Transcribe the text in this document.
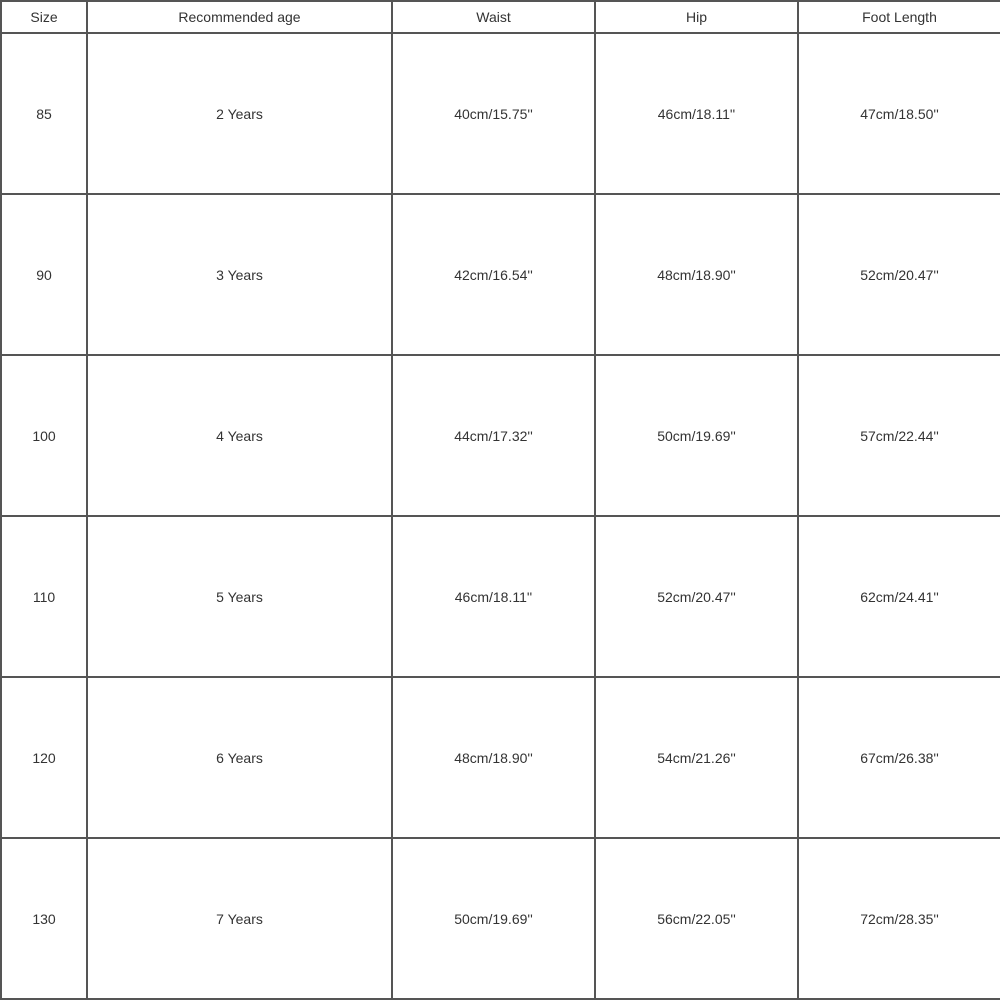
Size	Recommended age	Waist	Hip	Foot Length
85	2 Years	40cm/15.75''	46cm/18.11''	47cm/18.50''
90	3 Years	42cm/16.54''	48cm/18.90''	52cm/20.47''
100	4 Years	44cm/17.32''	50cm/19.69''	57cm/22.44''
110	5 Years	46cm/18.11''	52cm/20.47''	62cm/24.41''
120	6 Years	48cm/18.90''	54cm/21.26''	67cm/26.38''
130	7 Years	50cm/19.69''	56cm/22.05''	72cm/28.35''
